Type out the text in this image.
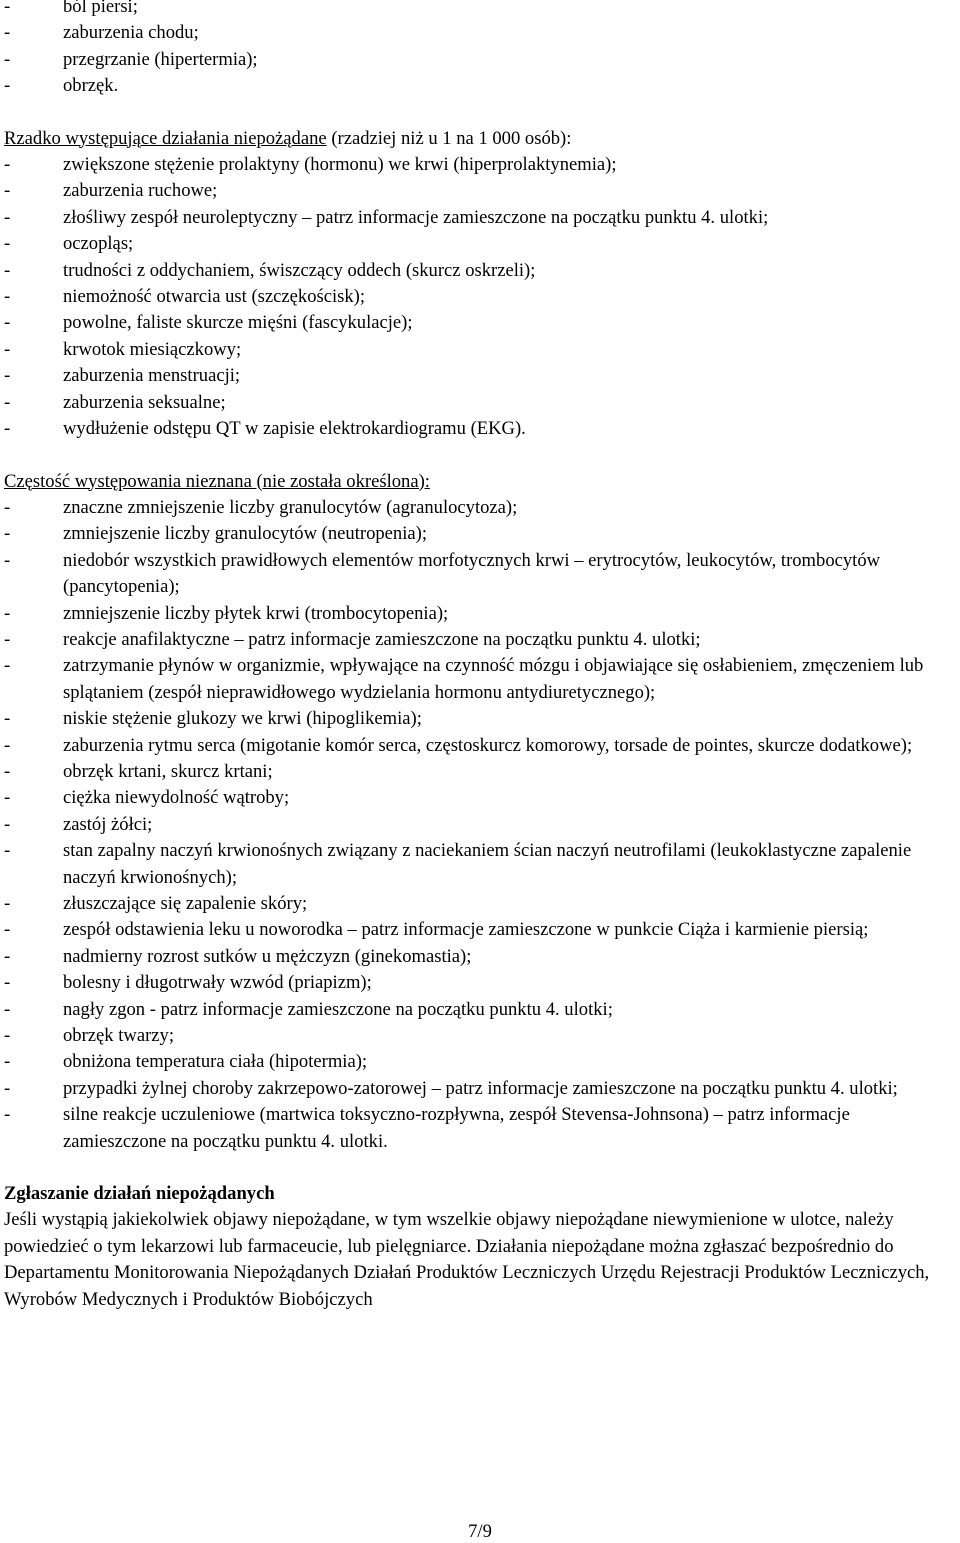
-	ból piersi;
-	zaburzenia chodu;
-	przegrzanie (hipertermia);
-	obrzęk.

Rzadko występujące działania niepożądane (rzadziej niż u 1 na 1 000 osób):

-	zwiększone stężenie prolaktyny (hormonu) we krwi (hiperprolaktynemia);
-	zaburzenia ruchowe;
-	złośliwy zespół neuroleptyczny – patrz informacje zamieszczone na początku punktu 4. ulotki;
-	oczopląs;
-	trudności z oddychaniem, świszczący oddech (skurcz oskrzeli);
-	niemożność otwarcia ust (szczękościsk);
-	powolne, faliste skurcze mięśni (fascykulacje);
-	krwotok miesiączkowy;
-	zaburzenia menstruacji;
-	zaburzenia seksualne;
-	wydłużenie odstępu QT w zapisie elektrokardiogramu (EKG).

Częstość występowania nieznana (nie została określona):

-	znaczne zmniejszenie liczby granulocytów (agranulocytoza);
-	zmniejszenie liczby granulocytów (neutropenia);
-	niedobór wszystkich prawidłowych elementów morfotycznych krwi – erytrocytów, leukocytów, trombocytów (pancytopenia);
-	zmniejszenie liczby płytek krwi (trombocytopenia);
-	reakcje anafilaktyczne – patrz informacje zamieszczone na początku punktu 4. ulotki;
-	zatrzymanie płynów w organizmie, wpływające na czynność mózgu i objawiające się osłabieniem, zmęczeniem lub splątaniem (zespół nieprawidłowego wydzielania hormonu antydiuretycznego);
-	niskie stężenie glukozy we krwi (hipoglikemia);
-	zaburzenia rytmu serca (migotanie komór serca, częstoskurcz komorowy, torsade de pointes, skurcze dodatkowe);
-	obrzęk krtani, skurcz krtani;
-	ciężka niewydolność wątroby;
-	zastój żółci;
-	stan zapalny naczyń krwionośnych związany z naciekaniem ścian naczyń neutrofilami (leukoklastyczne zapalenie naczyń krwionośnych);
-	złuszczające się zapalenie skóry;
-	zespół odstawienia leku u noworodka – patrz informacje zamieszczone w punkcie Ciąża i karmienie piersią;
-	nadmierny rozrost sutków u mężczyzn (ginekomastia);
-	bolesny i długotrwały wzwód (priapizm);
-	nagły zgon - patrz informacje zamieszczone na początku punktu 4. ulotki;
-	obrzęk twarzy;
-	obniżona temperatura ciała (hipotermia);
-	przypadki żylnej choroby zakrzepowo-zatorowej – patrz informacje zamieszczone na początku punktu 4. ulotki;
-	silne reakcje uczuleniowe (martwica toksyczno-rozpływna, zespół Stevensa-Johnsona) – patrz informacje zamieszczone na początku punktu 4. ulotki.

Zgłaszanie działań niepożądanych

Jeśli wystąpią jakiekolwiek objawy niepożądane, w tym wszelkie objawy niepożądane niewymienione w ulotce, należy powiedzieć o tym lekarzowi lub farmaceucie, lub pielęgniarce. Działania niepożądane można zgłaszać bezpośrednio do Departamentu Monitorowania Niepożądanych Działań Produktów Leczniczych Urzędu Rejestracji Produktów Leczniczych, Wyrobów Medycznych i Produktów Biobójczych

7/9
